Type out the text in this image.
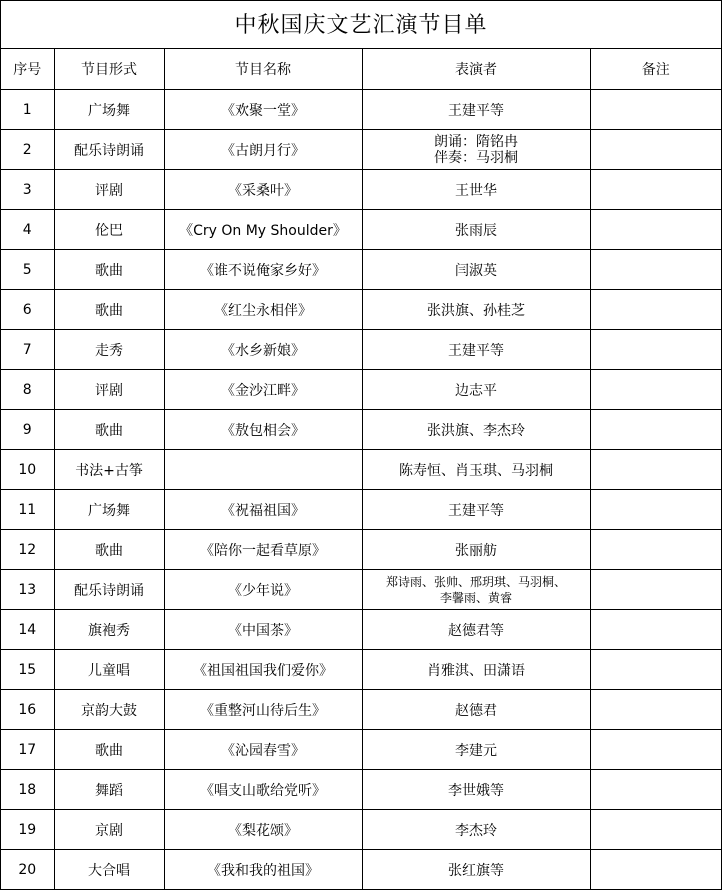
中秋国庆文艺汇演节目单
序号	节目形式	节目名称	表演者	备注
1	广场舞	《欢聚一堂》	王建平等	

2	配乐诗朗诵	《古朗月行》	朗诵：隋铭冉
伴奏：马羽桐	

3	评剧	《采桑叶》	王世华	

4	伦巴	《Cry On My Shoulder》	张雨辰	

5	歌曲	《谁不说俺家乡好》	闫淑英	

6	歌曲	《红尘永相伴》	张洪旗、孙桂芝	

7	走秀	《水乡新娘》	王建平等	

8	评剧	《金沙江畔》	边志平	

9	歌曲	《敖包相会》	张洪旗、李杰玲	

10	书法+古筝		陈寿恒、肖玉琪、马羽桐	

11	广场舞	《祝福祖国》	王建平等	

12	歌曲	《陪你一起看草原》	张丽舫	

13	配乐诗朗诵	《少年说》	郑诗雨、张帅、邢玥琪、马羽桐、
李馨雨、黄睿	

14	旗袍秀	《中国茶》	赵德君等	

15	儿童唱	《祖国祖国我们爱你》	肖雅淇、田潇语	

16	京韵大鼓	《重整河山待后生》	赵德君	

17	歌曲	《沁园春雪》	李建元	

18	舞蹈	《唱支山歌给党听》	李世娥等	

19	京剧	《梨花颂》	李杰玲	

20	大合唱	《我和我的祖国》	张红旗等	
